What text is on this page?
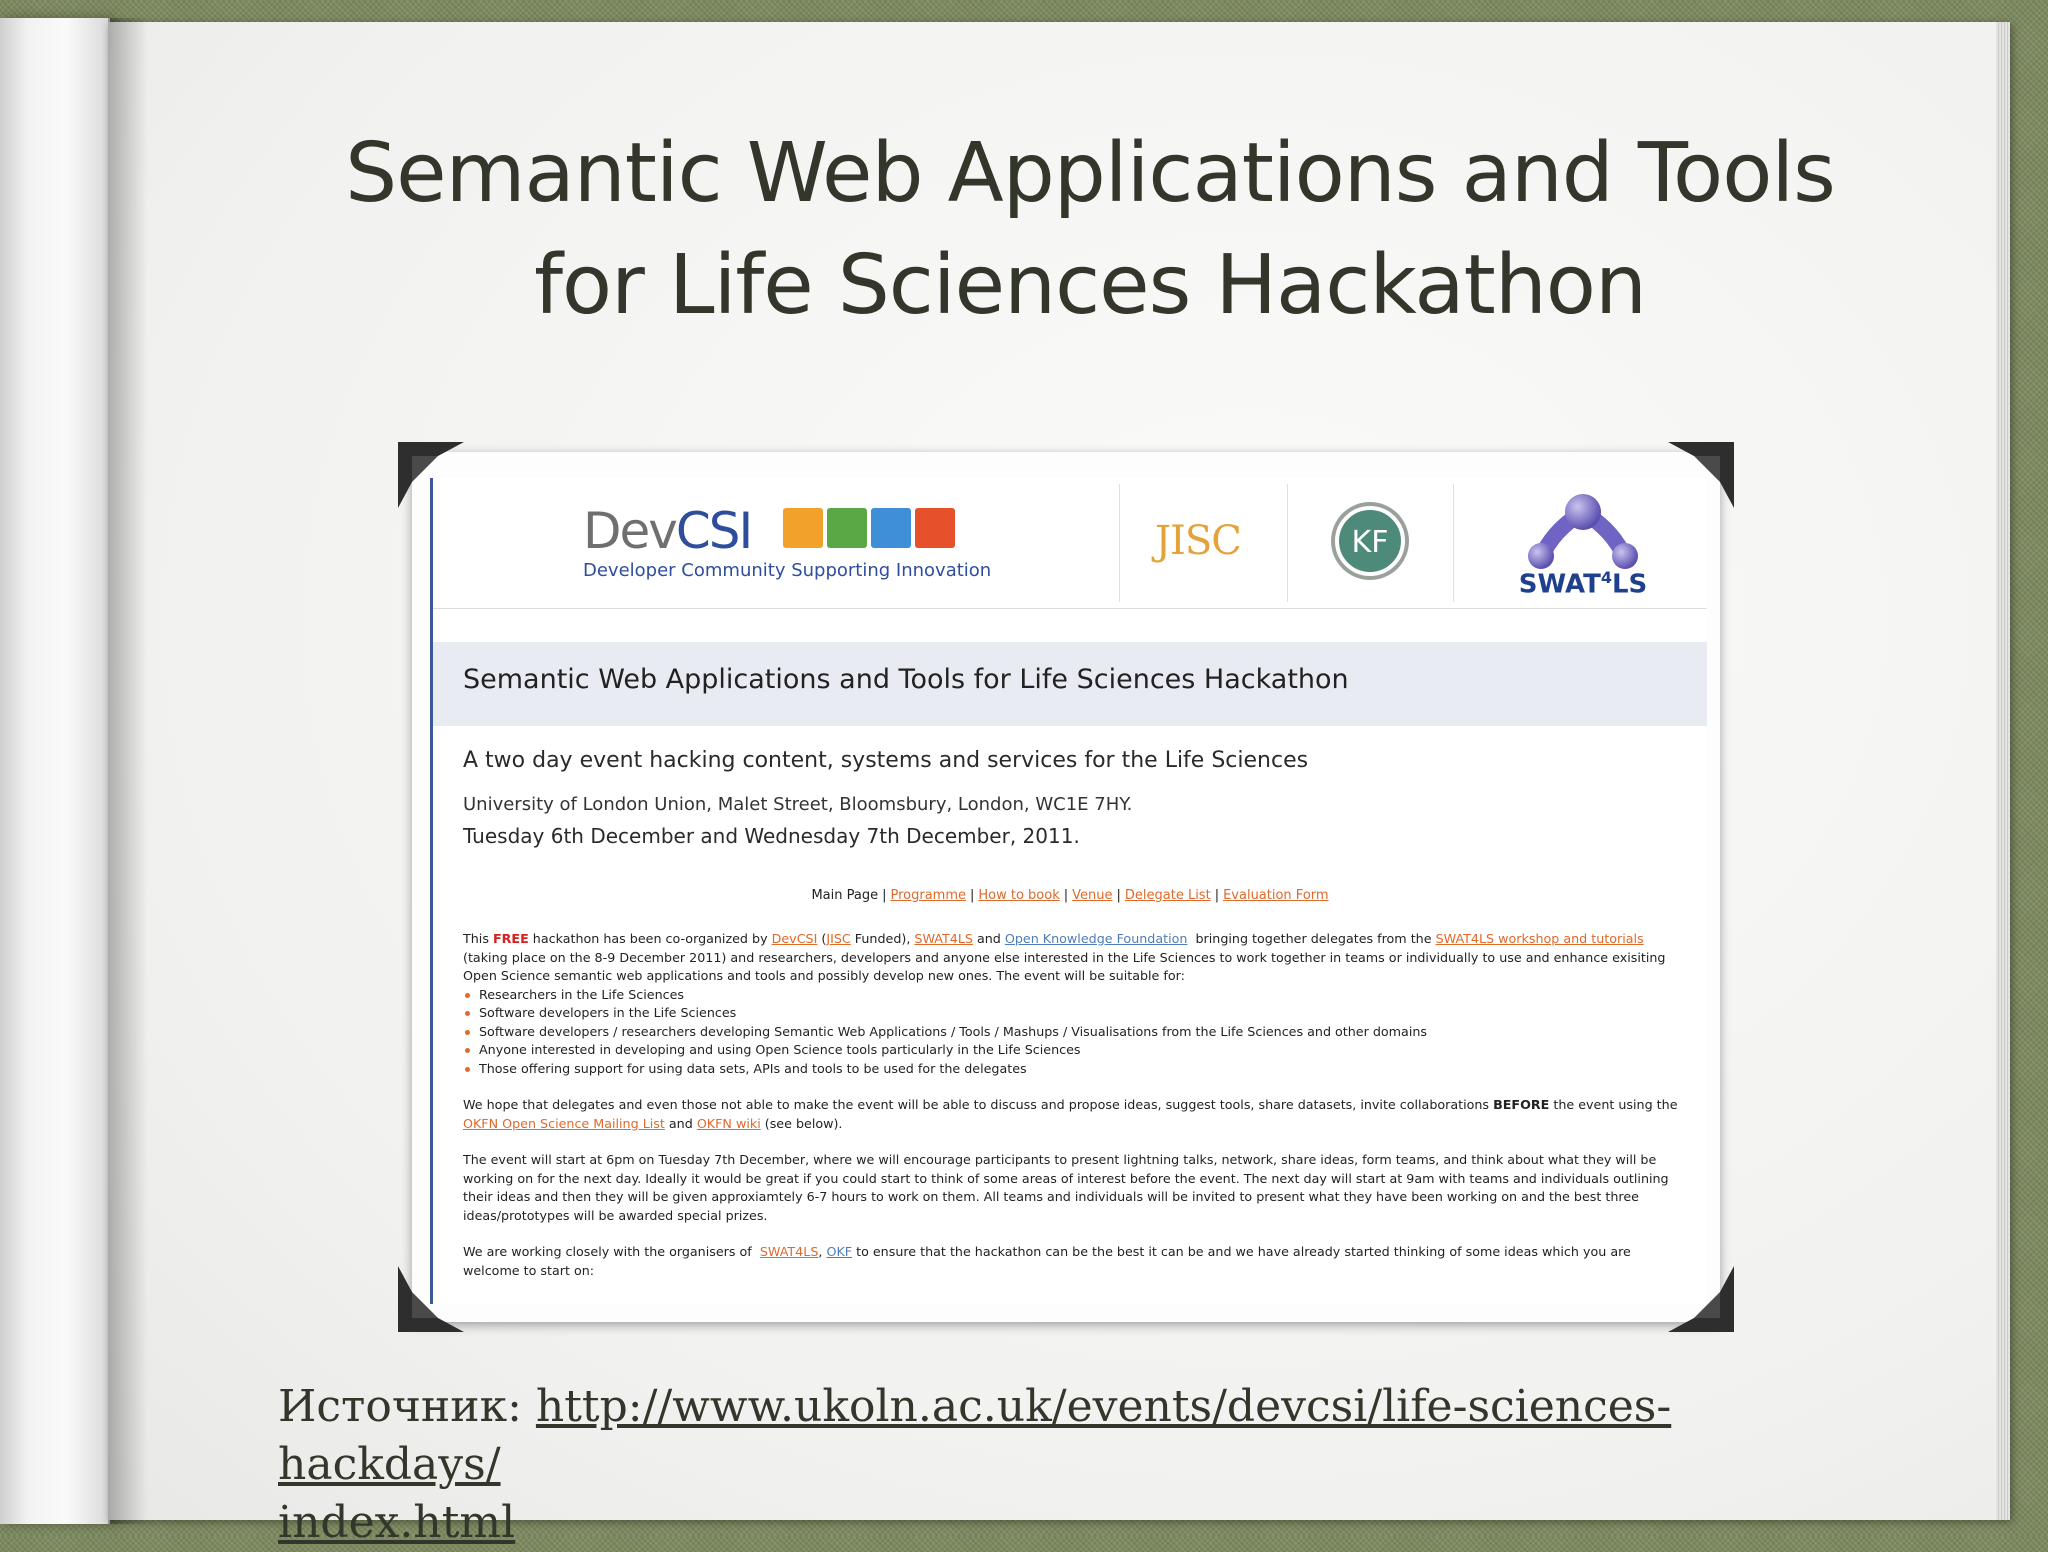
Semantic Web Applications and Tools
for Life Sciences Hackathon
DevCSI
Developer Community Supporting Innovation
JISC	KF
SWAT$^4$LS
Semantic Web Applications and Tools for Life Sciences Hackathon
A two day event hacking content, systems and services for the Life Sciences
University of London Union, Malet Street, Bloomsbury, London, WC1E 7HY.
Tuesday 6th December and Wednesday 7th December, 2011.
Main Page | Programme | How to book | Venue | Delegate List | Evaluation Form

This FREE hackathon has been co-organized by DevCSI (JISC Funded), SWAT4LS and Open Knowledge Foundation  bringing together delegates from the SWAT4LS workshop and tutorials (taking place on the 8-9 December 2011) and researchers, developers and anyone else interested in the Life Sciences to work together in teams or individually to use and enhance exisiting Open Science semantic web applications and tools and possibly develop new ones. The event will be suitable for:

Researchers in the Life Sciences
Software developers in the Life Sciences
Software developers / researchers developing Semantic Web Applications / Tools / Mashups / Visualisations from the Life Sciences and other domains
Anyone interested in developing and using Open Science tools particularly in the Life Sciences
Those offering support for using data sets, APIs and tools to be used for the delegates

We hope that delegates and even those not able to make the event will be able to discuss and propose ideas, suggest tools, share datasets, invite collaborations BEFORE the event using the OKFN Open Science Mailing List and OKFN wiki (see below).

The event will start at 6pm on Tuesday 7th December, where we will encourage participants to present lightning talks, network, share ideas, form teams, and think about what they will be working on for the next day. Ideally it would be great if you could start to think of some areas of interest before the event. The next day will start at 9am with teams and individuals outlining their ideas and then they will be given approxiamtely 6-7 hours to work on them. All teams and individuals will be invited to present what they have been working on and the best three ideas/prototypes will be awarded special prizes.

We are working closely with the organisers of  SWAT4LS, OKF to ensure that the hackathon can be the best it can be and we have already started thinking of some ideas which you are welcome to start on:

Источник: http://www.ukoln.ac.uk/events/devcsi/life-sciences-hackdays/
index.html
